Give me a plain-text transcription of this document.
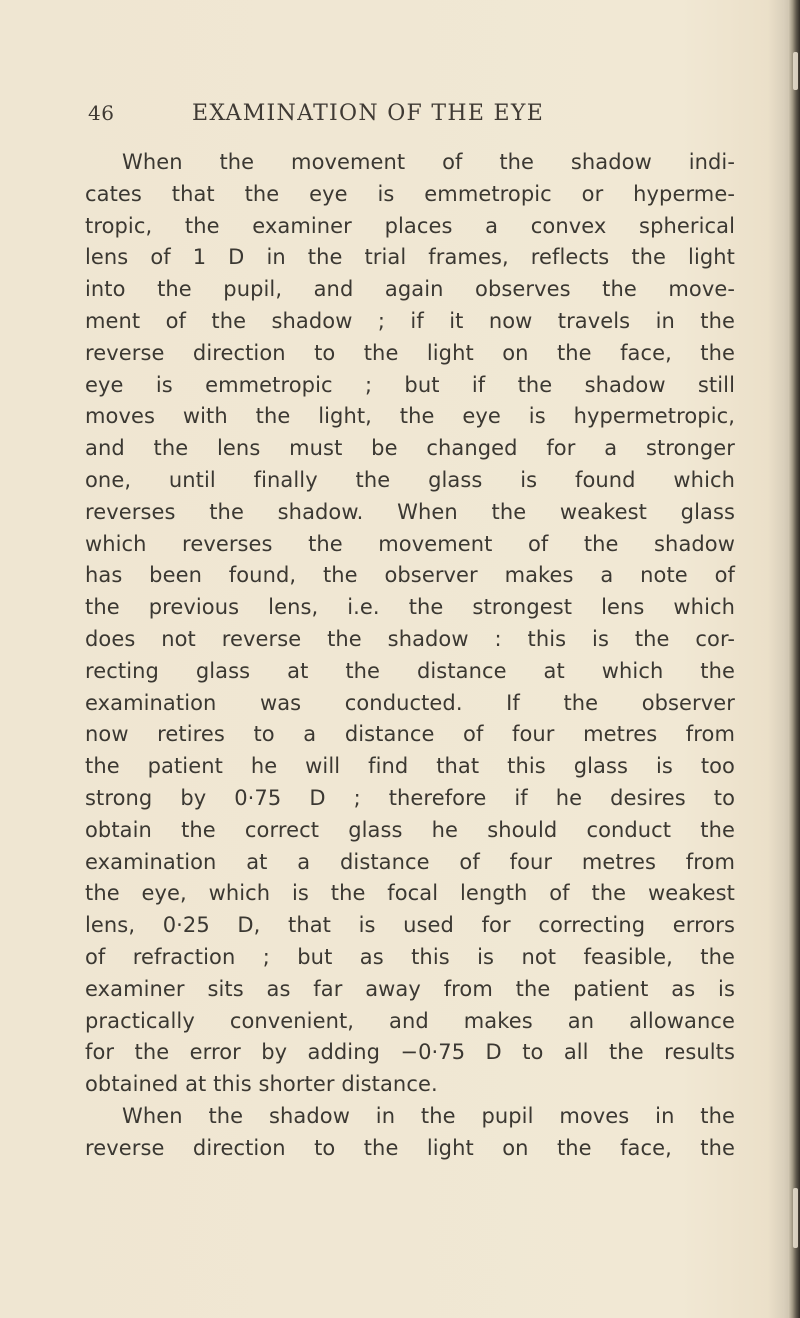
46	EXAMINATION OF THE EYE
When the movement of the shadow indi-
cates that the eye is emmetropic or hyperme-
tropic, the examiner places a convex spherical
lens of 1 D in the trial frames, reflects the light
into the pupil, and again observes the move-
ment of the shadow ; if it now travels in the
reverse direction to the light on the face, the
eye is emmetropic ; but if the shadow still
moves with the light, the eye is hypermetropic,
and the lens must be changed for a stronger
one, until finally the glass is found which
reverses the shadow. When the weakest glass
which reverses the movement of the shadow
has been found, the observer makes a note of
the previous lens, i.e. the strongest lens which
does not reverse the shadow : this is the cor-
recting glass at the distance at which the
examination was conducted. If the observer
now retires to a distance of four metres from
the patient he will find that this glass is too
strong by 0·75 D ; therefore if he desires to
obtain the correct glass he should conduct the
examination at a distance of four metres from
the eye, which is the focal length of the weakest
lens, 0·25 D, that is used for correcting errors
of refraction ; but as this is not feasible, the
examiner sits as far away from the patient as is
practically convenient, and makes an allowance
for the error by adding −0·75 D to all the results
obtained at this shorter distance.
When the shadow in the pupil moves in the
reverse direction to the light on the face, the
